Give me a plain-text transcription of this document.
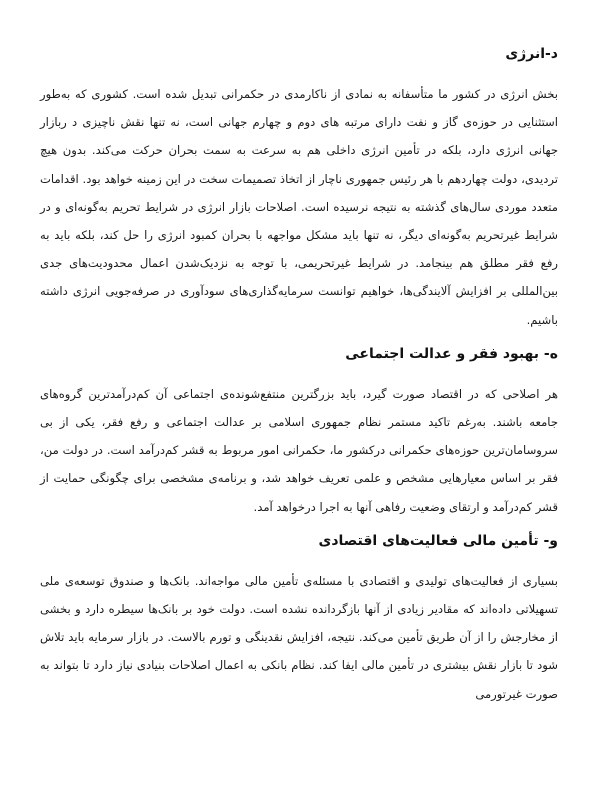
د-انرژی

بخش انرژی در کشور ما متأسفانه به نمادی از ناکارمدی در حکمرانی تبدیل شده است. کشوری که به‌طور استثنایی در حوزه‌ی گاز و نفت دارای مرتبه های دوم و چهارم جهانی است، نه تنها نقش ناچیزی د ربازار جهانی انرژی دارد، بلکه در تأمین انرژی داخلی هم به سرعت به سمت بحران حرکت می‌کند. بدون هیچ تردیدی، دولت چهاردهم با هر رئیس جمهوری ناچار از اتخاذ تصمیمات سخت در این زمینه خواهد بود. اقدامات متعدد موردی سال‌های گذشته به نتیجه نرسیده است. اصلاحات بازار انرژی در شرایط تحریم به‌گونه‌ای و در شرایط غیرتحریم به‌گونه‌ای دیگر، نه تنها باید مشکل مواجهه با بحران کمبود انرژی را حل کند، بلکه باید به رفع فقر مطلق هم بینجامد. در شرایط غیرتحریمی، با توجه به نزدیک‌شدن اعمال محدودیت‌های جدی بین‌المللی بر افزایش آلایندگی‌ها، خواهیم توانست سرمایه‌گذاری‌های سودآوری در صرفه‌جویی انرژی داشته باشیم.

ه- بهبود فقر و عدالت اجتماعی

هر اصلاحی که در اقتصاد صورت گیرد، باید بزرگترین منتفع‌شونده‌ی اجتماعی آن کم‌درآمدترین گروه‌های جامعه باشند. به‌رغم تاکید مستمر نظام جمهوری اسلامی بر عدالت اجتماعی و رفع فقر، یکی از بی سروسامان‌ترین حوزه‌های حکمرانی درکشور ما، حکمرانی امور مربوط به قشر کم‌درآمد است. در دولت من، فقر بر اساس معیارهایی مشخص و علمی تعریف خواهد شد، و برنامه‌ی مشخصی برای چگونگی حمایت از قشر کم‌درآمد و ارتقای وضعیت رفاهی آنها به اجرا درخواهد آمد.

و- تأمین مالی فعالیت‌های اقتصادی

بسیاری از فعالیت‌های تولیدی و اقتصادی با مسئله‌ی تأمین مالی مواجه‌اند. بانک‌ها و صندوق توسعه‌ی ملی تسهیلاتی داده‌اند که مقادیر زیادی از آنها بازگردانده نشده است. دولت خود بر بانک‌ها سیطره دارد و بخشی از مخارجش را از آن طریق تأمین می‌کند. نتیجه، افزایش نقدینگی و تورم بالاست. در بازار سرمایه باید تلاش شود تا بازار نقش بیشتری در تأمین مالی ایفا کند. نظام بانکی به اعمال اصلاحات بنیادی نیاز دارد تا بتواند به صورت غیرتورمی
